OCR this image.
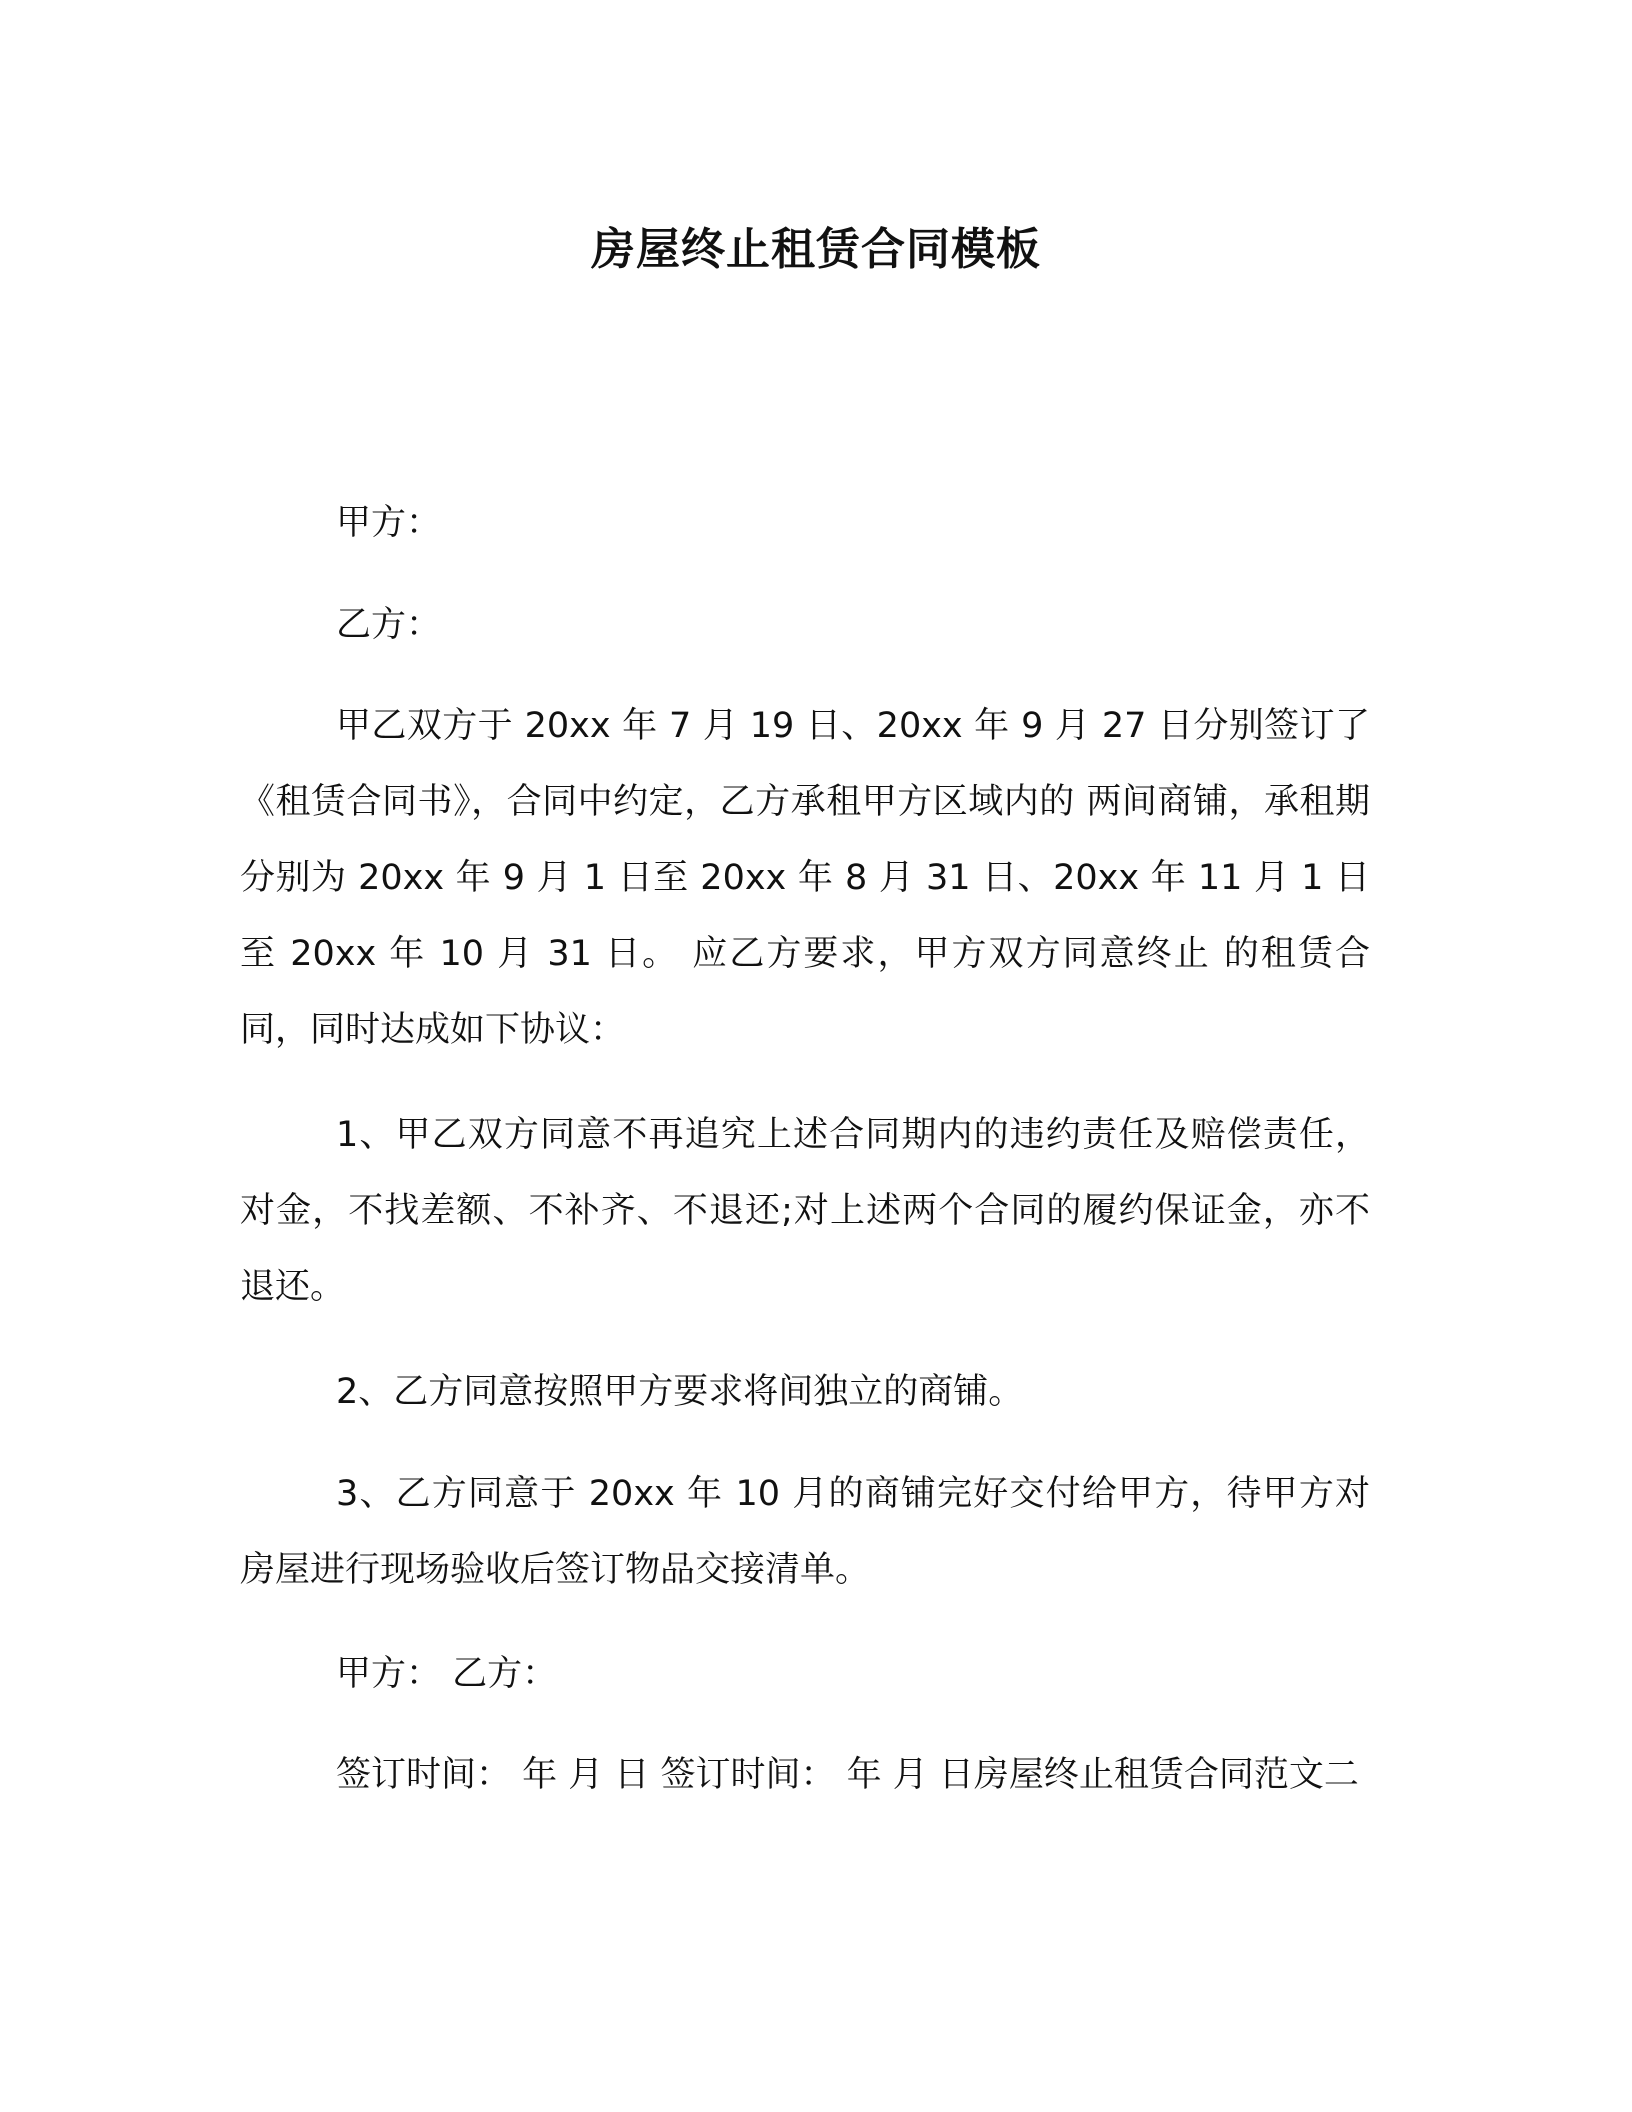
房屋终止租赁合同模板
甲方：
乙方：

甲乙双方于 20xx 年 7 月 19 日、20xx 年 9 月 27 日分别签订了《租赁合同书》，合同中约定，乙方承租甲方区域内的 两间商铺，承租期分别为 20xx 年 9 月 1 日至 20xx 年 8 月 31 日、20xx 年 11 月 1 日至 20xx 年 10 月 31 日。 应乙方要求，甲方双方同意终止 的租赁合同，同时达成如下协议：

1、甲乙双方同意不再追究上述合同期内的违约责任及赔偿责任，对金，不找差额、不补齐、不退还;对上述两个合同的履约保证金，亦不退还。

2、乙方同意按照甲方要求将间独立的商铺。

3、乙方同意于 20xx 年 10 月的商铺完好交付给甲方，待甲方对房屋进行现场验收后签订物品交接清单。

甲方： 乙方：

签订时间： 年 月 日 签订时间： 年 月 日房屋终止租赁合同范文二
